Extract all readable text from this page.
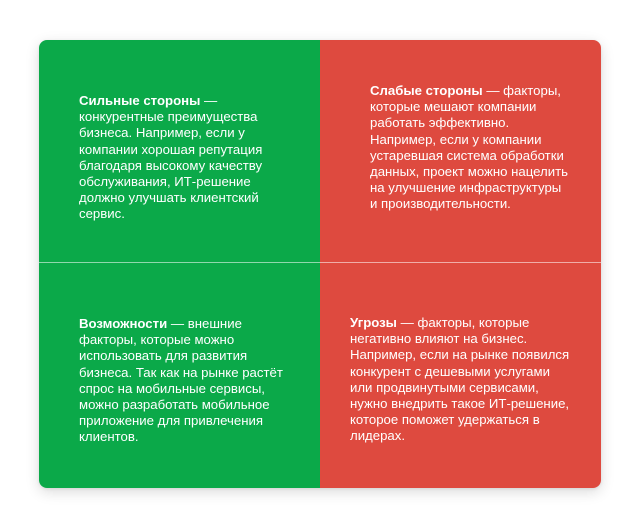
Сильные стороны — конкурентные преимущества бизнеса. Например, если у компании хорошая репутация благодаря высокому качеству обслуживания, ИТ-решение должно улучшать клиентский сервис.

Слабые стороны — факторы, которые мешают компании работать эффективно. Например, если у компании устаревшая система обработки данных, проект можно нацелить на улучшение инфраструктуры и производительности.

Возможности — внешние факторы, которые можно использовать для развития бизнеса. Так как на рынке растёт спрос на мобильные сервисы, можно разработать мобильное приложение для привлечения клиентов.

Угрозы — факторы, которые негативно влияют на бизнес. Например, если на рынке появился конкурент с дешевыми услугами или продвинутыми сервисами, нужно внедрить такое ИТ-решение, которое поможет удержаться в лидерах.
